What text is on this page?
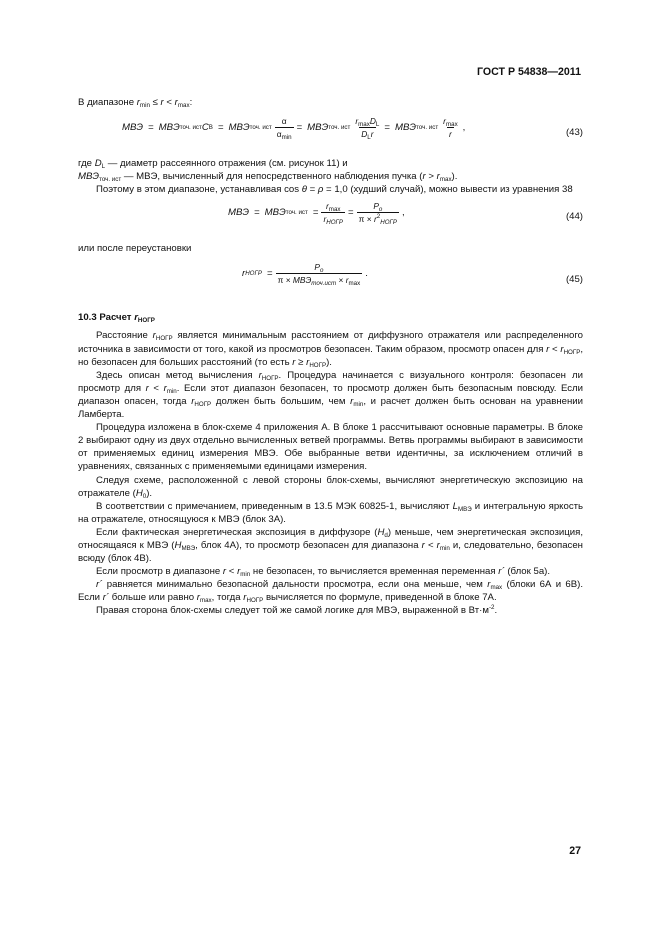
ГОСТ Р 54838—2011

В диапазоне $r_{min} \le r < r_{max}$:

МВЭ = МВЭ точ. ист C B = МВЭ точ. ист $\frac{\alpha}{\alpha_{min}}$ = МВЭ точ. ист $\frac{r_{max}D_L}{D_Lr}$ = МВЭ точ. ист $\frac{r_{max}}{r}$ ,	(43)

где $D_L$ — диаметр рассеянного отражения (см. рисунок 11) и

$МВЭ_{точ. ист}$ — МВЭ, вычисленный для непосредственного наблюдения пучка $(r > r_{max})$.

Поэтому в этом диапазоне, устанавливая cos θ = ρ = 1,0 (худший случай), можно вывести из уравнения 38

МВЭ = МВЭ точ. ист = $\frac{r_{max}}{r_{НОГР}} = \frac{P_o}{\pi \times r^2_{НОГР}}$ ,	(44)

или после переустановки

r НОГР = $\frac{P_o}{\pi \times МВЭ_{точ.ист} \times r_{max}}$ .
(45)
10.3 Расчет $r_{НОГР}$

Расстояние $r_{НОГР}$ является минимальным расстоянием от диффузного отражателя или распределенного источника в зависимости от того, какой из просмотров безопасен. Таким образом, просмотр опасен для $r < r_{НОГР}$, но безопасен для больших расстояний (то есть $r \ge r_{НОГР}$).

Здесь описан метод вычисления $r_{НОГР}$. Процедура начинается с визуального контроля: безопасен ли просмотр для $r < r_{min}$. Если этот диапазон безопасен, то просмотр должен быть безопасным повсюду. Если диапазон опасен, тогда $r_{НОГР}$ должен быть большим, чем $r_{min}$, и расчет должен быть основан на уравнении Ламберта.

Процедура изложена в блок-схеме 4 приложения А. В блоке 1 рассчитывают основные параметры. В блоке 2 выбирают одну из двух отдельно вычисленных ветвей программы. Ветвь программы выбирают в зависимости от применяемых единиц измерения МВЭ. Обе выбранные ветви идентичны, за исключением отличий в уравнениях, связанных с применяемыми единицами измерения.

Следуя схеме, расположенной с левой стороны блок-схемы, вычисляют энергетическую экспозицию на отражателе $(H_0)$.

В соответствии с примечанием, приведенным в 13.5 МЭК 60825-1, вычисляют $L_{МВЭ}$ и интегральную яркость на отражателе, относящуюся к МВЭ (блок 3А).

Если фактическая энергетическая экспозиция в диффузоре $(H_d)$ меньше, чем энергетическая экспозиция, относящаяся к МВЭ ($H_{МВЭ}$, блок 4А), то просмотр безопасен для диапазона $r < r_{min}$ и, следовательно, безопасен всюду (блок 4В).

Если просмотр в диапазоне $r < r_{min}$ не безопасен, то вычисляется временная переменная r´ (блок 5а).

r´ равняется минимально безопасной дальности просмотра, если она меньше, чем $r_{max}$ (блоки 6А и 6В). Если r´ больше или равно $r_{max}$, тогда $r_{НОГР}$ вычисляется по формуле, приведенной в блоке 7А.

Правая сторона блок-схемы следует той же самой логике для МВЭ, выраженной в $Вт\cdot м^{-2}$.

27
